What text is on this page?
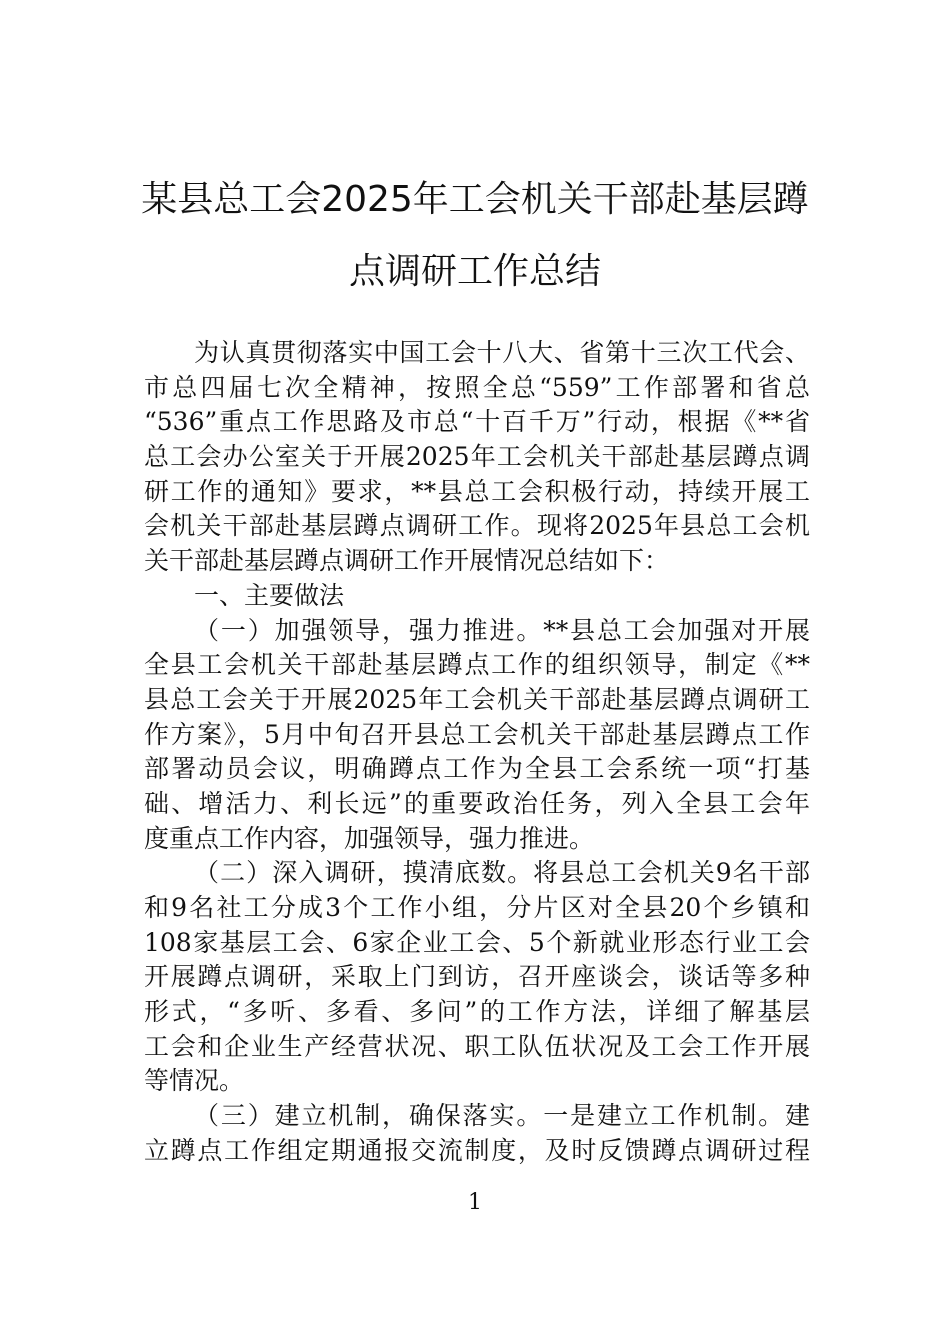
某县总工会2025年工会机关干部赴基层蹲
点调研工作总结
为认真贯彻落实中国工会十八大、省第十三次工代会、
市总四届七次全精神，按照全总“559”工作部署和省总
“536”重点工作思路及市总“十百千万”行动，根据《**省
总工会办公室关于开展2025年工会机关干部赴基层蹲点调
研工作的通知》要求，**县总工会积极行动，持续开展工
会机关干部赴基层蹲点调研工作。现将2025年县总工会机
关干部赴基层蹲点调研工作开展情况总结如下：
一、主要做法
（一）加强领导，强力推进。**县总工会加强对开展
全县工会机关干部赴基层蹲点工作的组织领导，制定《**
县总工会关于开展2025年工会机关干部赴基层蹲点调研工
作方案》，5月中旬召开县总工会机关干部赴基层蹲点工作
部署动员会议，明确蹲点工作为全县工会系统一项“打基
础、增活力、利长远”的重要政治任务，列入全县工会年
度重点工作内容，加强领导，强力推进。
（二）深入调研，摸清底数。将县总工会机关9名干部
和9名社工分成3个工作小组，分片区对全县20个乡镇和
108家基层工会、6家企业工会、5个新就业形态行业工会
开展蹲点调研，采取上门到访，召开座谈会，谈话等多种
形式，“多听、多看、多问”的工作方法，详细了解基层
工会和企业生产经营状况、职工队伍状况及工会工作开展
等情况。
（三）建立机制，确保落实。一是建立工作机制。建
立蹲点工作组定期通报交流制度，及时反馈蹲点调研过程
1
